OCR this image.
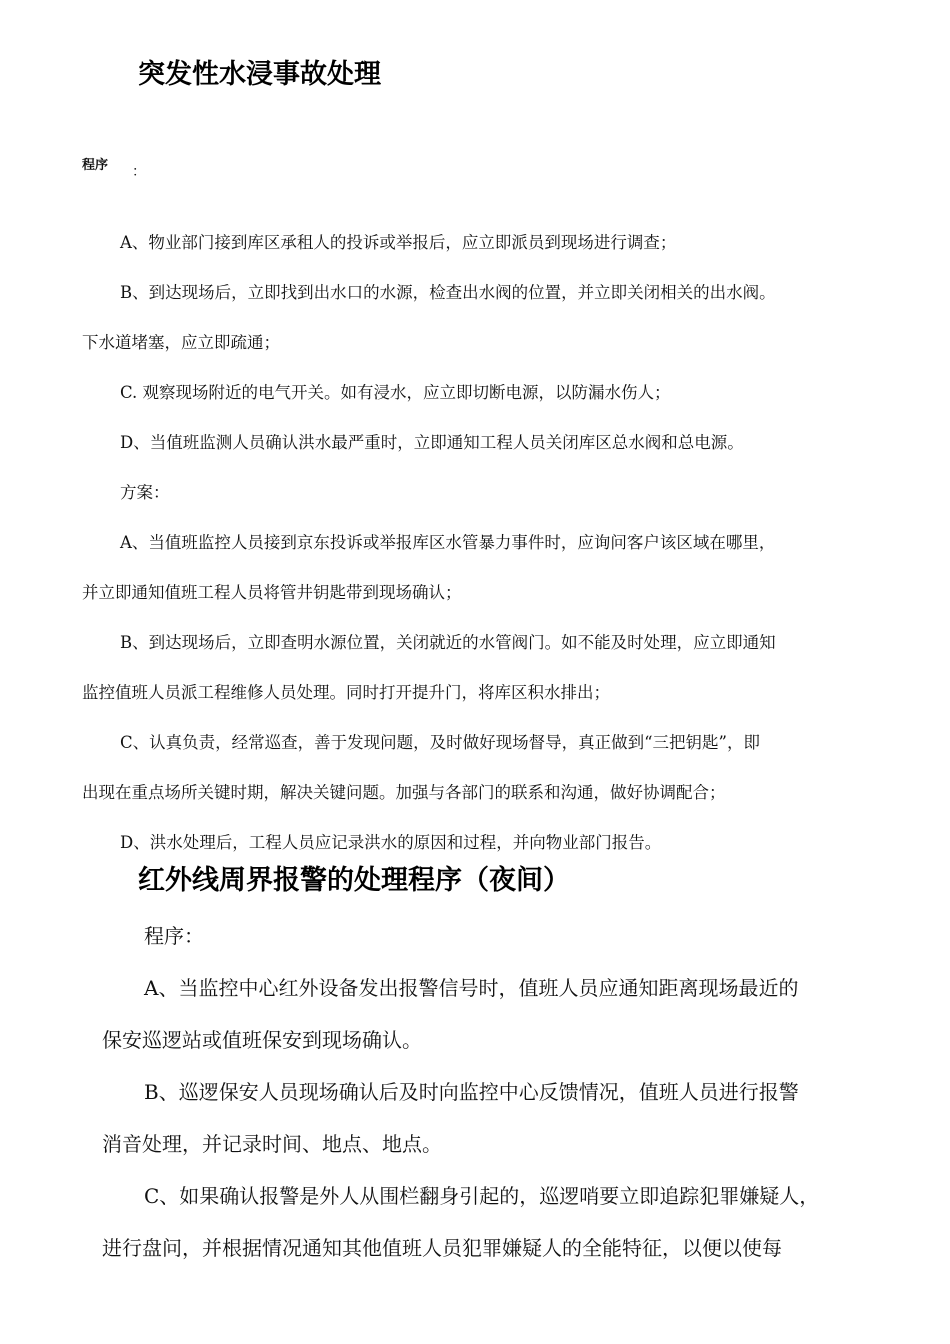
突发性水浸事故处理
程序 ：

A、物业部门接到库区承租人的投诉或举报后，应立即派员到现场进行调查；

B、到达现场后，立即找到出水口的水源，检查出水阀的位置，并立即关闭相关的出水阀。

下水道堵塞，应立即疏通；

C. 观察现场附近的电气开关。如有浸水，应立即切断电源，以防漏水伤人；

D、当值班监测人员确认洪水最严重时，立即通知工程人员关闭库区总水阀和总电源。

方案：

A、当值班监控人员接到京东投诉或举报库区水管暴力事件时，应询问客户该区域在哪里，

并立即通知值班工程人员将管井钥匙带到现场确认；

B、到达现场后，立即查明水源位置，关闭就近的水管阀门。如不能及时处理，应立即通知

监控值班人员派工程维修人员处理。同时打开提升门，将库区积水排出；

C、认真负责，经常巡查，善于发现问题，及时做好现场督导，真正做到“三把钥匙”，即

出现在重点场所关键时期，解决关键问题。加强与各部门的联系和沟通，做好协调配合；

D、洪水处理后，工程人员应记录洪水的原因和过程，并向物业部门报告。

红外线周界报警的处理程序（夜间）

程序：

A、当监控中心红外设备发出报警信号时，值班人员应通知距离现场最近的

保安巡逻站或值班保安到现场确认。

B、巡逻保安人员现场确认后及时向监控中心反馈情况，值班人员进行报警

消音处理，并记录时间、地点、地点。

C、如果确认报警是外人从围栏翻身引起的，巡逻哨要立即追踪犯罪嫌疑人，

进行盘问，并根据情况通知其他值班人员犯罪嫌疑人的全能特征，以便以使每
